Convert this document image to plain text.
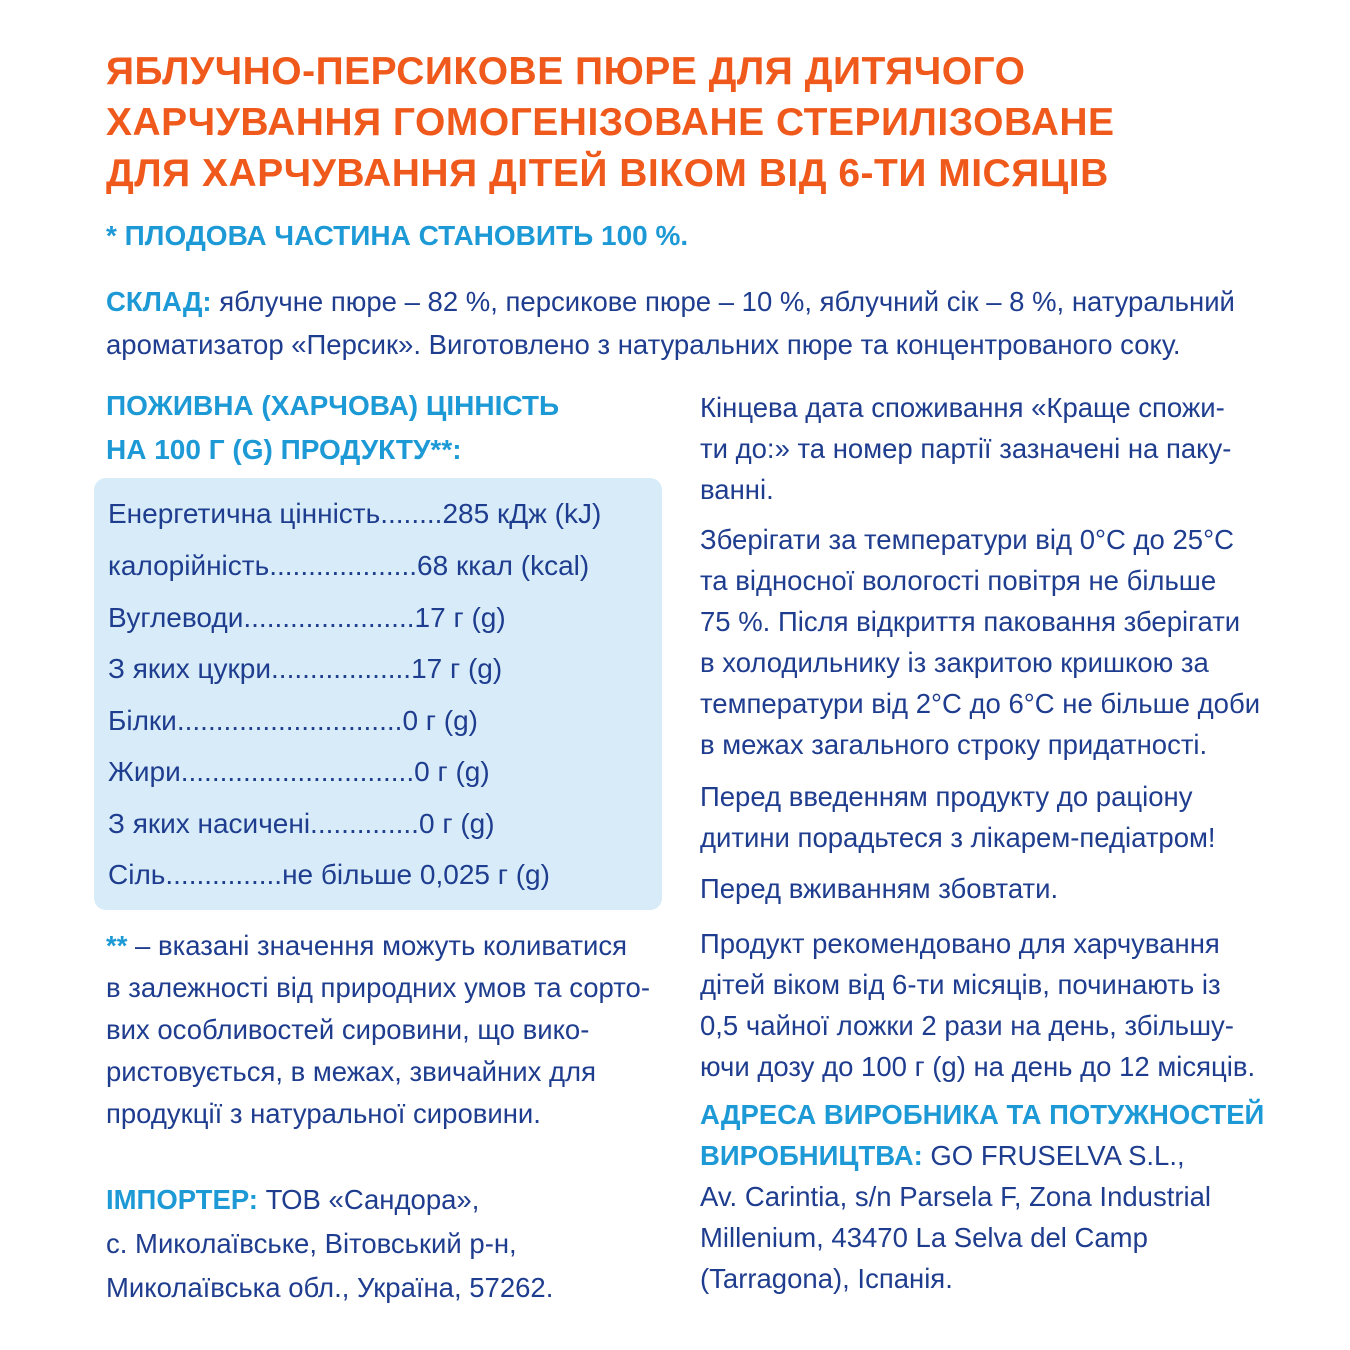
ЯБЛУЧНО-ПЕРСИКОВЕ ПЮРЕ ДЛЯ ДИТЯЧОГО
ХАРЧУВАННЯ ГОМОГЕНІЗОВАНЕ СТЕРИЛІЗОВАНЕ
ДЛЯ ХАРЧУВАННЯ ДІТЕЙ ВІКОМ ВІД 6-ТИ МІСЯЦІВ
* ПЛОДОВА ЧАСТИНА СТАНОВИТЬ 100 %.
СКЛАД: яблучне пюре – 82 %, персикове пюре – 10 %, яблучний сік – 8 %, натуральний
ароматизатор «Персик». Виготовлено з натуральних пюре та концентрованого соку.
ПОЖИВНА (ХАРЧОВА) ЦІННІСТЬ
НА 100 Г (G) ПРОДУКТУ**:
Енергетична цінність........285 кДж (kJ)
калорійність...................68 ккал (kcal)
Вуглеводи......................17 г (g)
З яких цукри..................17 г (g)
Білки.............................0 г (g)
Жири..............................0 г (g)
З яких насичені..............0 г (g)
Сіль...............не більше 0,025 г (g)
** – вказані значення можуть коливатися
в залежності від природних умов та сорто-
вих особливостей сировини, що вико-
ристовується, в межах, звичайних для
продукції з натуральної сировини.
ІМПОРТЕР: ТОВ «Сандора»,
с. Миколаївське, Вітовський р-н,
Миколаївська обл., Україна, 57262.
Кінцева дата споживання «Краще спожи-
ти до:» та номер партії зазначені на паку-
ванні.
Зберігати за температури від 0°С до 25°С
та відносної вологості повітря не більше
75 %. Після відкриття паковання зберігати
в холодильнику із закритою кришкою за
температури від 2°С до 6°С не більше доби
в межах загального строку придатності.
Перед введенням продукту до раціону
дитини порадьтеся з лікарем-педіатром!
Перед вживанням збовтати.
Продукт рекомендовано для харчування
дітей віком від 6-ти місяців, починають із
0,5 чайної ложки 2 рази на день, збільшу-
ючи дозу до 100 г (g) на день до 12 місяців.
АДРЕСА ВИРОБНИКА ТА ПОТУЖНОСТЕЙ
ВИРОБНИЦТВА: GO FRUSELVA S.L.,
Av. Carintia, s/n Parsela F, Zona Industrial
Millenium, 43470 La Selva del Camp
(Tarragona), Іспанія.
